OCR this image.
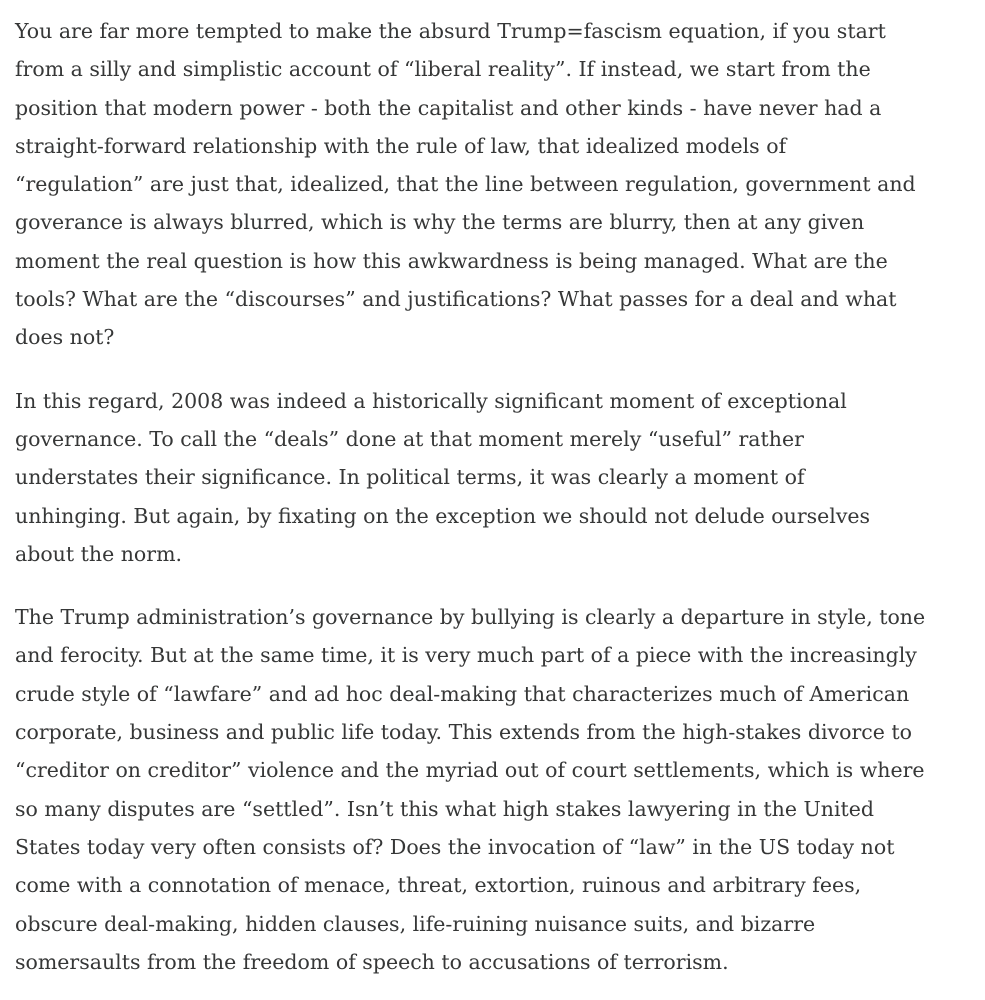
You are far more tempted to make the absurd Trump=fascism equation, if you start
from a silly and simplistic account of “liberal reality”. If instead, we start from the
position that modern power - both the capitalist and other kinds - have never had a
straight-forward relationship with the rule of law, that idealized models of
“regulation” are just that, idealized, that the line between regulation, government and
goverance is always blurred, which is why the terms are blurry, then at any given
moment the real question is how this awkwardness is being managed. What are the
tools? What are the “discourses” and justifications? What passes for a deal and what
does not?

In this regard, 2008 was indeed a historically significant moment of exceptional
governance. To call the “deals” done at that moment merely “useful” rather
understates their significance. In political terms, it was clearly a moment of
unhinging. But again, by fixating on the exception we should not delude ourselves
about the norm.

The Trump administration’s governance by bullying is clearly a departure in style, tone
and ferocity. But at the same time, it is very much part of a piece with the increasingly
crude style of “lawfare” and ad hoc deal-making that characterizes much of American
corporate, business and public life today. This extends from the high-stakes divorce to
“creditor on creditor” violence and the myriad out of court settlements, which is where
so many disputes are “settled”. Isn’t this what high stakes lawyering in the United
States today very often consists of? Does the invocation of “law” in the US today not
come with a connotation of menace, threat, extortion, ruinous and arbitrary fees,
obscure deal-making, hidden clauses, life-ruining nuisance suits, and bizarre
somersaults from the freedom of speech to accusations of terrorism.
